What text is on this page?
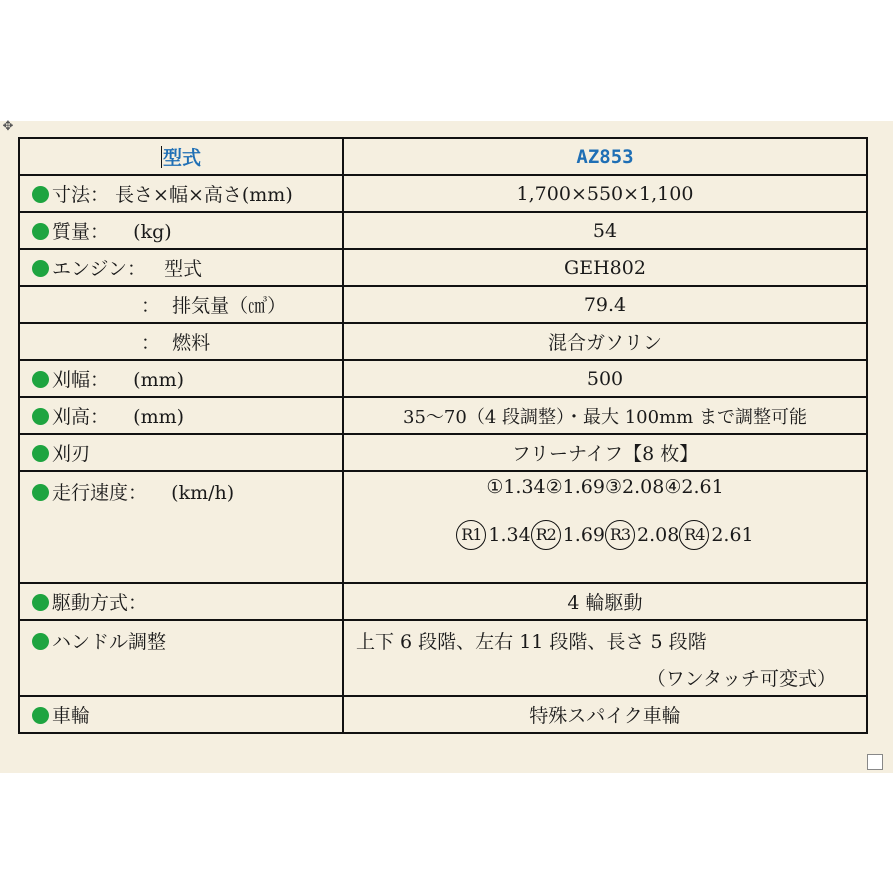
✥
型式	AZ853
寸法： 長さ×幅×高さ(mm)	1,700×550×1,100
質量：    (kg)	54
エンジン：   型式	GEH802
：  排気量（㎤）	79.4
：  燃料	混合ガソリン
刈幅：    (mm)	500
刈高：    (mm)	35～70（4 段調整）・最大 100mm まで調整可能
刈刃	フリーナイフ【8 枚】
走行速度：    (km/h)	①1.34②1.69③2.08④2.61
R1 1.34 R2 1.69 R3 2.08 R4 2.61

駆動方式：	4 輪駆動
ハンドル調整	上下 6 段階、左右 11 段階、長さ 5 段階
（ワンタッチ可変式）

車輪	特殊スパイク車輪
